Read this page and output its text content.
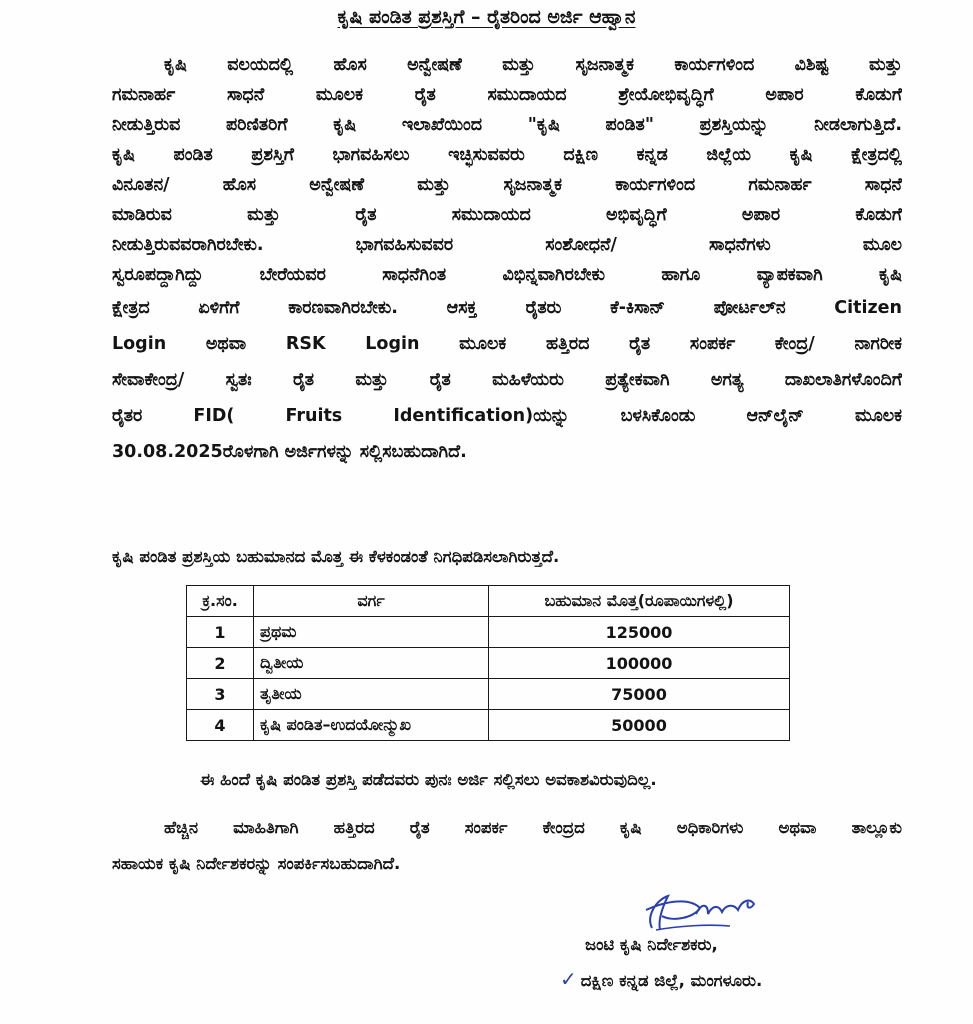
ಕೃಷಿ ಪಂಡಿತ ಪ್ರಶಸ್ತಿಗೆ – ರೈತರಿಂದ ಅರ್ಜಿ ಆಹ್ವಾನ
ಕೃಷಿ ವಲಯದಲ್ಲಿ ಹೊಸ ಅನ್ವೇಷಣೆ ಮತ್ತು ಸೃಜನಾತ್ಮಕ ಕಾರ್ಯಗಳಿಂದ ವಿಶಿಷ್ಟ ಮತ್ತು
ಗಮನಾರ್ಹ ಸಾಧನೆ ಮೂಲಕ ರೈತ ಸಮುದಾಯದ ಶ್ರೇಯೋಭಿವೃದ್ಧಿಗೆ ಅಪಾರ ಕೊಡುಗೆ
ನೀಡುತ್ತಿರುವ ಪರಿಣಿತರಿಗೆ ಕೃಷಿ ಇಲಾಖೆಯಿಂದ "ಕೃಷಿ ಪಂಡಿತ" ಪ್ರಶಸ್ತಿಯನ್ನು ನೀಡಲಾಗುತ್ತಿದೆ.
ಕೃಷಿ ಪಂಡಿತ ಪ್ರಶಸ್ತಿಗೆ ಭಾಗವಹಿಸಲು ಇಚ್ಛಿಸುವವರು ದಕ್ಷಿಣ ಕನ್ನಡ ಜಿಲ್ಲೆಯ ಕೃಷಿ ಕ್ಷೇತ್ರದಲ್ಲಿ
ವಿನೂತನ/ ಹೊಸ ಅನ್ವೇಷಣೆ ಮತ್ತು ಸೃಜನಾತ್ಮಕ ಕಾರ್ಯಗಳಿಂದ ಗಮನಾರ್ಹ ಸಾಧನೆ
ಮಾಡಿರುವ ಮತ್ತು ರೈತ ಸಮುದಾಯದ ಅಭಿವೃದ್ಧಿಗೆ ಅಪಾರ ಕೊಡುಗೆ
ನೀಡುತ್ತಿರುವವರಾಗಿರಬೇಕು. ಭಾಗವಹಿಸುವವರ ಸಂಶೋಧನೆ/ ಸಾಧನೆಗಳು ಮೂಲ
ಸ್ವರೂಪದ್ದಾಗಿದ್ದು ಬೇರೆಯವರ ಸಾಧನೆಗಿಂತ ವಿಭಿನ್ನವಾಗಿರಬೇಕು ಹಾಗೂ ವ್ಯಾಪಕವಾಗಿ ಕೃಷಿ
ಕ್ಷೇತ್ರದ ಏಳಿಗೆಗೆ ಕಾರಣವಾಗಿರಬೇಕು. ಆಸಕ್ತ ರೈತರು ಕೆ-ಕಿಸಾನ್ ಪೋರ್ಟಲ್‌ನ Citizen
Login ಅಥವಾ RSK Login ಮೂಲಕ ಹತ್ತಿರದ ರೈತ ಸಂಪರ್ಕ ಕೇಂದ್ರ/ ನಾಗರೀಕ
ಸೇವಾಕೇಂದ್ರ/ ಸ್ವತಃ ರೈತ ಮತ್ತು ರೈತ ಮಹಿಳೆಯರು ಪ್ರತ್ಯೇಕವಾಗಿ ಅಗತ್ಯ ದಾಖಲಾತಿಗಳೊಂದಿಗೆ
ರೈತರ FID( Fruits Identification)ಯನ್ನು ಬಳಸಿಕೊಂಡು ಆನ್‌ಲೈನ್ ಮೂಲಕ
30.08.2025ರೊಳಗಾಗಿ ಅರ್ಜಿಗಳನ್ನು ಸಲ್ಲಿಸಬಹುದಾಗಿದೆ.
ಕೃಷಿ ಪಂಡಿತ ಪ್ರಶಸ್ತಿಯ ಬಹುಮಾನದ ಮೊತ್ತ ಈ ಕೆಳಕಂಡಂತೆ ನಿಗಧಿಪಡಿಸಲಾಗಿರುತ್ತದೆ.
ಕ್ರ.ಸಂ.	ವರ್ಗ	ಬಹುಮಾನ ಮೊತ್ತ(ರೂಪಾಯಿಗಳಲ್ಲಿ)
1	ಪ್ರಥಮ	125000
2	ದ್ವಿತೀಯ	100000
3	ತೃತೀಯ	75000
4	ಕೃಷಿ ಪಂಡಿತ–ಉದಯೋನ್ಮುಖ	50000
ಈ ಹಿಂದೆ ಕೃಷಿ ಪಂಡಿತ ಪ್ರಶಸ್ತಿ ಪಡೆದವರು ಪುನಃ ಅರ್ಜಿ ಸಲ್ಲಿಸಲು ಅವಕಾಶವಿರುವುದಿಲ್ಲ.
ಹೆಚ್ಚಿನ ಮಾಹಿತಿಗಾಗಿ ಹತ್ತಿರದ ರೈತ ಸಂಪರ್ಕ ಕೇಂದ್ರದ ಕೃಷಿ ಅಧಿಕಾರಿಗಳು ಅಥವಾ ತಾಲ್ಲೂಕು
ಸಹಾಯಕ ಕೃಷಿ ನಿರ್ದೇಶಕರನ್ನು ಸಂಪರ್ಕಿಸಬಹುದಾಗಿದೆ.
ಜಂಟಿ ಕೃಷಿ ನಿರ್ದೇಶಕರು,
✓ ದಕ್ಷಿಣ ಕನ್ನಡ ಜಿಲ್ಲೆ, ಮಂಗಳೂರು.
